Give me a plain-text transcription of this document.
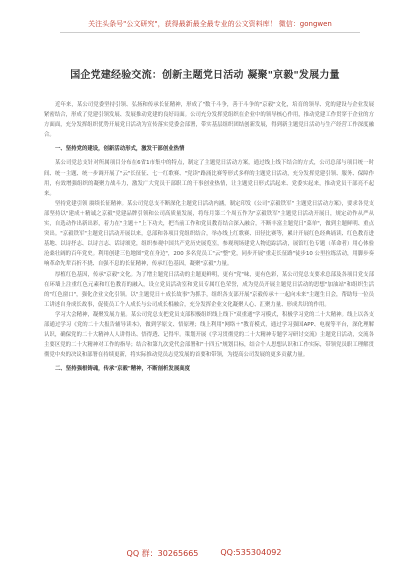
关注头条号"公文研究"，获得最新最全最专业的公文资料库！ 微信：gongwen
国企党建经验交流：创新主题党日活动 凝聚"京毅"发展力量

近年来，某公司党委坚持引领、弘扬和传承长征精神，形成了"数千斗争，善于斗争的"京毅"文化，培育的领导、党的建设与企业发展紧密结合，形成了党建引领发展、发展推动党建的良好局面。公司充分发挥党组织在企业中的领导核心作用，推动党建工作贯穿于企业的方方面面，充分发挥组织优势开展党日活动为宣传落实党委会部署，带实基层组织团结创新发展，得到新主题党日活动与生产经营工作深度融合。

一、坚持党的建设，创新活动形式，激发干部创业热情

某公司党总支针对所属项目分布在6省1市集中的特点，制定了主题党日活动方案，通过线上线下结合的方式，公司总部与项目统一时间、统一主题、统一步调开展了"云"长征征、七一红歌赛、"党读"路涌比赛等形式多样的主题党日活动，充分发挥党建引领、服务、保障作用，有效增强组织的凝聚力战斗力，激发广大党员干部职工的干事创业热情，让主题党日形式活起来、党委实起来，推动党员干部亮不起来。

坚持党建引领 赓续长征精神。某公司党总支不断深化主题党日活动内涵，制定印发《公司"京毅铁军" 主题党日活动方案》，要求各党支部坚持以"建成＋精诚之京毅"党建品牌引领和公司高质量发展，将每月第二个周五作为"京毅铁军"主题党日活动开展日，规定动作从严从实，自选动作出新出彩，着力在"主题＋"上下功夫，把当前工作和党员教育结合深入融合，不断丰富主题党日"菜单"，做到主题鲜明、重点突出。"京毅铁军"主题党日活动开展以来，总部和各项目党组织结合，举办线上红歌赛、田径比赛等，累计开展红色经典诵读、红色教育进基地、以诗抒志、以诗言志、话诗颂党，组织参观中国共产党历史展览室，参观现场建党人物追踪活动，展馆红色专题（革命者）用心体验沧桑壮阔的百年党史。利用创建三色地图"党在身边"，200 多名党员工"云"整"党，同步开展"重走长征路"徒步10 公里拉练活动，用脚步奏响革命先辈百折不挠、自强不息的长征精神，传承红色基因，凝聚"京毅"力量。

厚植红色基因，传承"京毅"文化。为了增主题党日活动的主题更鲜明，更有"党"味，更有色彩，某公司党总支要求总部及各项目党支部在环墙上注重红色元素和红色教育的融入，设立党员活动室和党员专属红色荣誉，成为党员开展主题党日活动的思想"加油站"和组织生活的"红色窗口"，强化企业文化引领。以"主题党日＋成长故事"为抓手，组织各支部开展"京毅传承＋一起向未来"主题生日会，帮助每一位员工讲述自身成长故事，促使员工个人成长与公司成长相融合，充分发挥企业文化凝聚人心、汇聚力量、形成共识的作用。

学习大会精神，凝聚发展力量。某公司党总支把党员支部积极组织线上线下"双重通"学习模式，积极学习党的二十大精神。线上以各支部通过学习《党的二十大报告辅导读本》，做到学原文、悟原理；线上利用"网络＋"教育模式，通过学习强国APP、电视等平台，深化理解认识，确保党的二十大精神人人讲得出、悟得透、记得牢。策划开展《学习贯彻党的二十大精神专题学习研讨交流》主题党日活动，交流各主要区党的二十大精神对工作的指导；结合和第九次党代会部署和"十四五"规划目标，结合个人思想认识和工作实际，带领党员职工理解贯彻党中央的决议和部署在持续更新，将实际推动党员志党发展的首要和带领，为提高公司发展的更多贡献力量。

二、坚持强根铸魂，传承"京毅"精神，不断剖析发展高度

QQ 群：30265665	QQ:535304092
